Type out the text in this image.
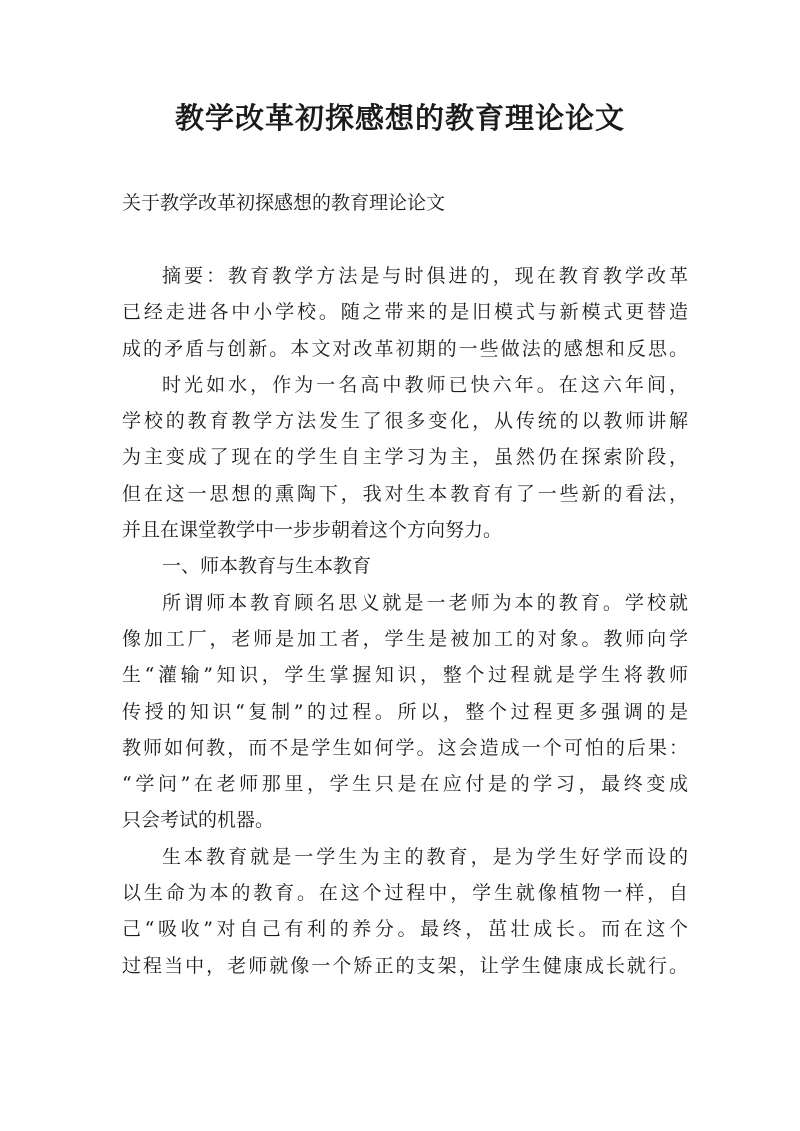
教学改革初探感想的教育理论论文
关于教学改革初探感想的教育理论论文
摘要：教育教学方法是与时俱进的，现在教育教学改革
已经走进各中小学校。随之带来的是旧模式与新模式更替造
成的矛盾与创新。本文对改革初期的一些做法的感想和反思。
时光如水，作为一名高中教师已快六年。在这六年间，
学校的教育教学方法发生了很多变化，从传统的以教师讲解
为主变成了现在的学生自主学习为主，虽然仍在探索阶段，
但在这一思想的熏陶下，我对生本教育有了一些新的看法，
并且在课堂教学中一步步朝着这个方向努力。
一、师本教育与生本教育
所谓师本教育顾名思义就是一老师为本的教育。学校就
像加工厂，老师是加工者，学生是被加工的对象。教师向学
生“灌输”知识，学生掌握知识，整个过程就是学生将教师
传授的知识“复制”的过程。所以，整个过程更多强调的是
教师如何教，而不是学生如何学。这会造成一个可怕的后果：
“学问”在老师那里，学生只是在应付是的学习，最终变成
只会考试的机器。
生本教育就是一学生为主的教育，是为学生好学而设的
以生命为本的教育。在这个过程中，学生就像植物一样，自
己“吸收”对自己有利的养分。最终，茁壮成长。而在这个
过程当中，老师就像一个矫正的支架，让学生健康成长就行。
